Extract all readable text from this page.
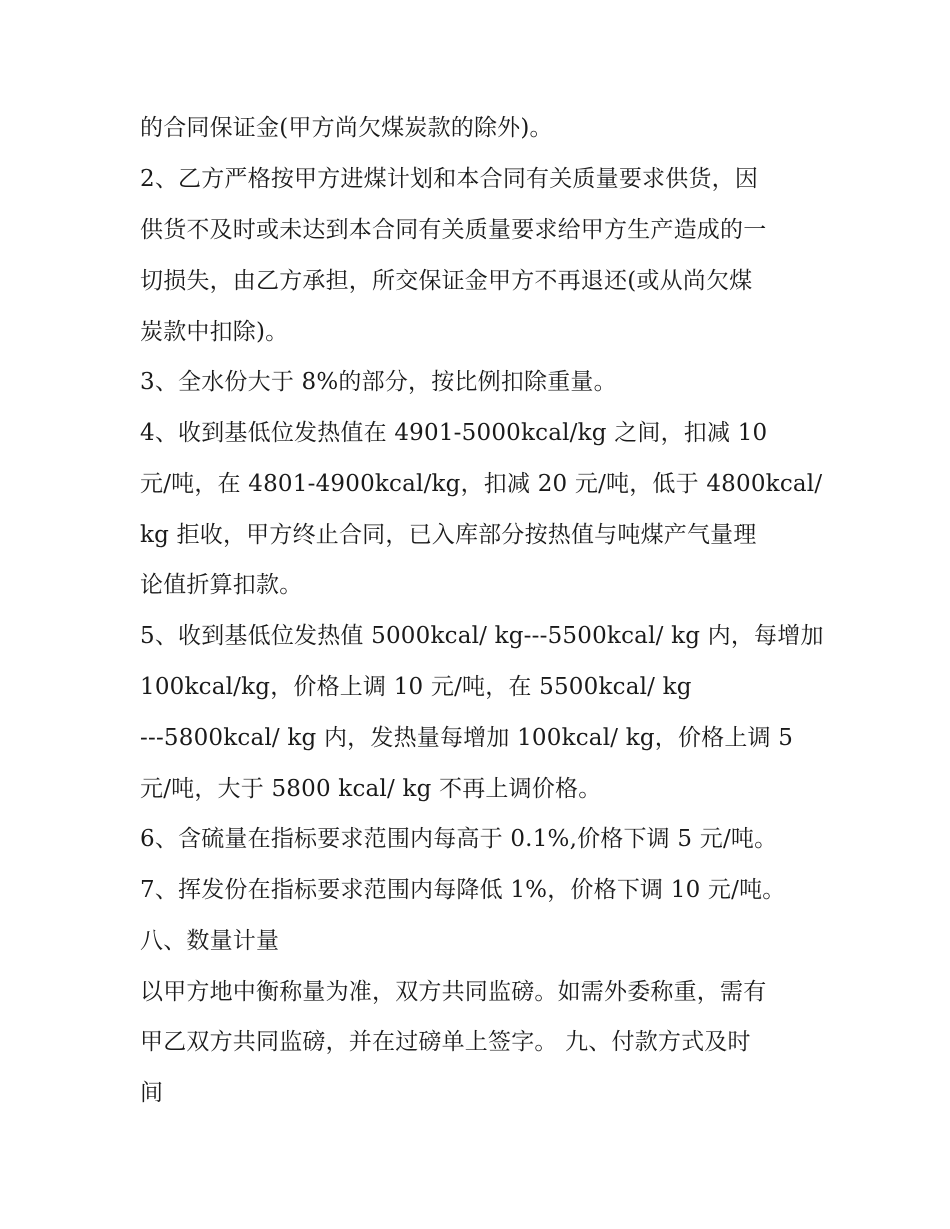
的合同保证金(甲方尚欠煤炭款的除外)。
2、乙方严格按甲方进煤计划和本合同有关质量要求供货，因
供货不及时或未达到本合同有关质量要求给甲方生产造成的一
切损失，由乙方承担，所交保证金甲方不再退还(或从尚欠煤
炭款中扣除)。
3、全水份大于 8%的部分，按比例扣除重量。
4、收到基低位发热值在 4901-5000kcal/kg 之间，扣减 10
元/吨，在 4801-4900kcal/kg，扣减 20 元/吨，低于 4800kcal/
kg 拒收，甲方终止合同，已入库部分按热值与吨煤产气量理
论值折算扣款。
5、收到基低位发热值 5000kcal/ kg---5500kcal/ kg 内，每增加
100kcal/kg，价格上调 10 元/吨，在 5500kcal/ kg
---5800kcal/ kg 内，发热量每增加 100kcal/ kg，价格上调 5
元/吨，大于 5800 kcal/ kg 不再上调价格。
6、含硫量在指标要求范围内每高于 0.1%,价格下调 5 元/吨。
7、挥发份在指标要求范围内每降低 1%，价格下调 10 元/吨。
八、数量计量
以甲方地中衡称量为准，双方共同监磅。如需外委称重，需有
甲乙双方共同监磅，并在过磅单上签字。 九、付款方式及时
间
